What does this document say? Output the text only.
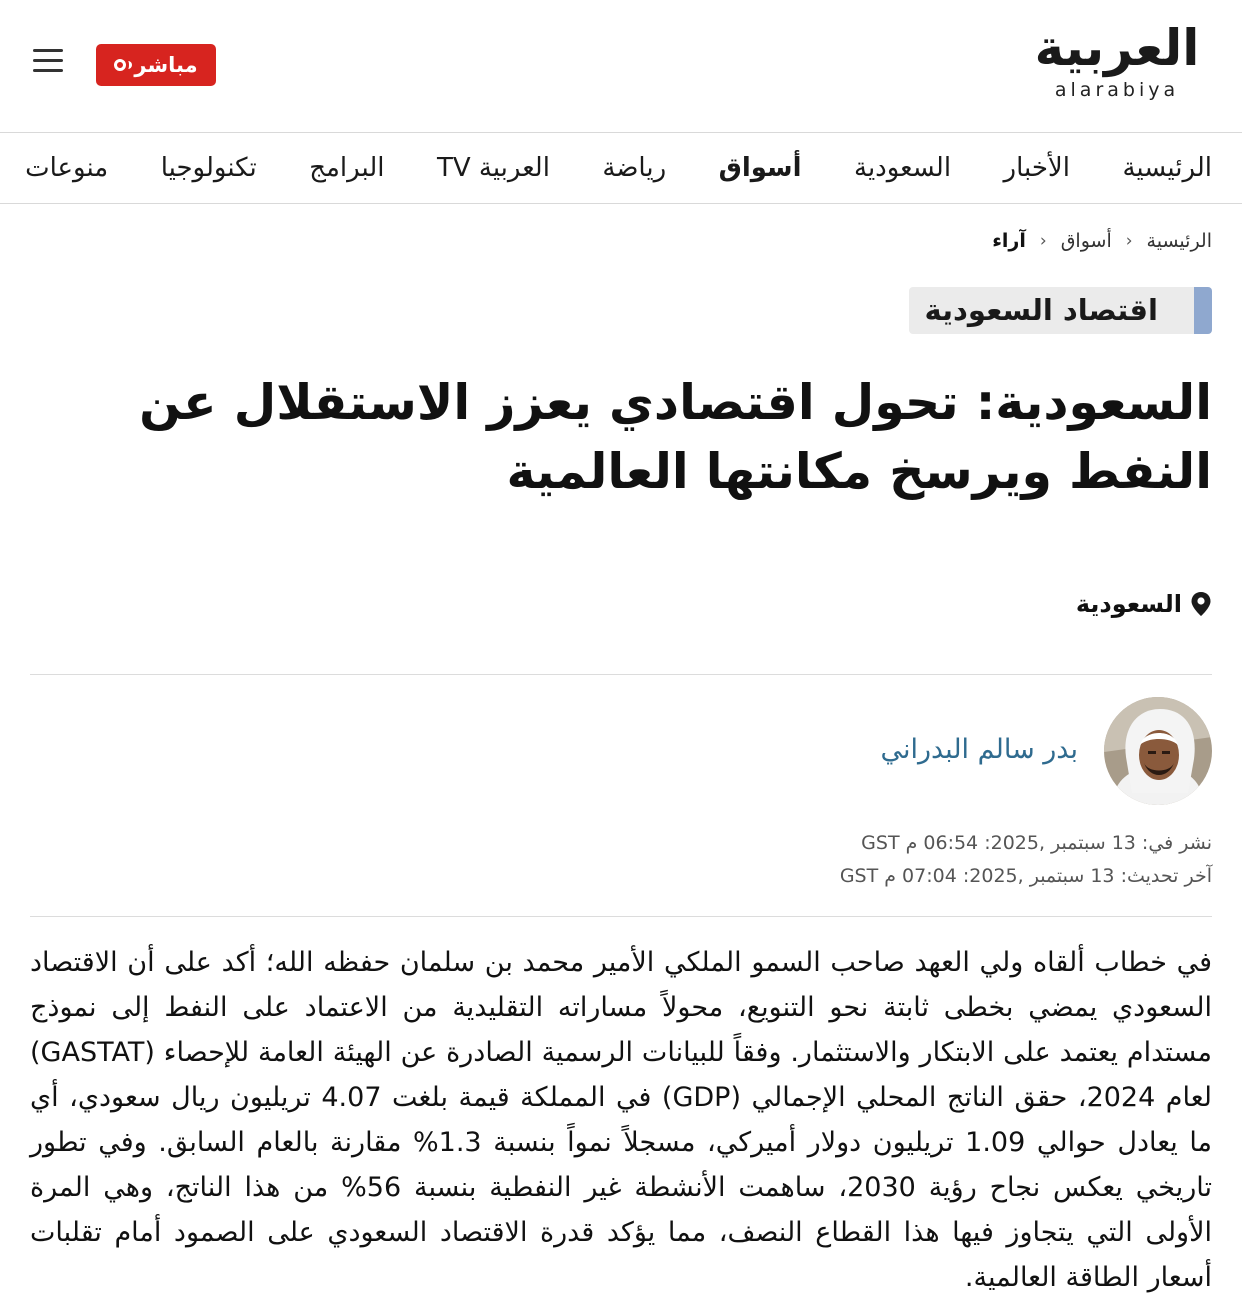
العربية
alarabiya
مباشر
الرئيسية
الأخبار
السعودية
أسواق
رياضة
العربية TV
البرامج
تكنولوجيا
منوعات
الرئيسية
‹
أسواق
‹
آراء
اقتصاد السعودية
السعودية: تحول اقتصادي يعزز الاستقلال عن النفط ويرسخ مكانتها العالمية
السعودية
بدر سالم البدراني
نشر في: 13 سبتمبر ,2025: 06:54 م GST
آخر تحديث: 13 سبتمبر ,2025: 07:04 م GST

في خطاب ألقاه ولي العهد صاحب السمو الملكي الأمير محمد بن سلمان حفظه الله؛ أكد على أن الاقتصاد السعودي يمضي بخطى ثابتة نحو التنويع، محولاً مساراته التقليدية من الاعتماد على النفط إلى نموذج مستدام يعتمد على الابتكار والاستثمار. وفقاً للبيانات الرسمية الصادرة عن الهيئة العامة للإحصاء (GASTAT) لعام 2024، حقق الناتج المحلي الإجمالي (GDP) في المملكة قيمة بلغت 4.07 تريليون ريال سعودي، أي ما يعادل حوالي 1.09 تريليون دولار أميركي، مسجلاً نمواً بنسبة 1.3% مقارنة بالعام السابق. وفي تطور تاريخي يعكس نجاح رؤية 2030، ساهمت الأنشطة غير النفطية بنسبة 56% من هذا الناتج، وهي المرة الأولى التي يتجاوز فيها هذا القطاع النصف، مما يؤكد قدرة الاقتصاد السعودي على الصمود أمام تقلبات أسعار الطاقة العالمية.
